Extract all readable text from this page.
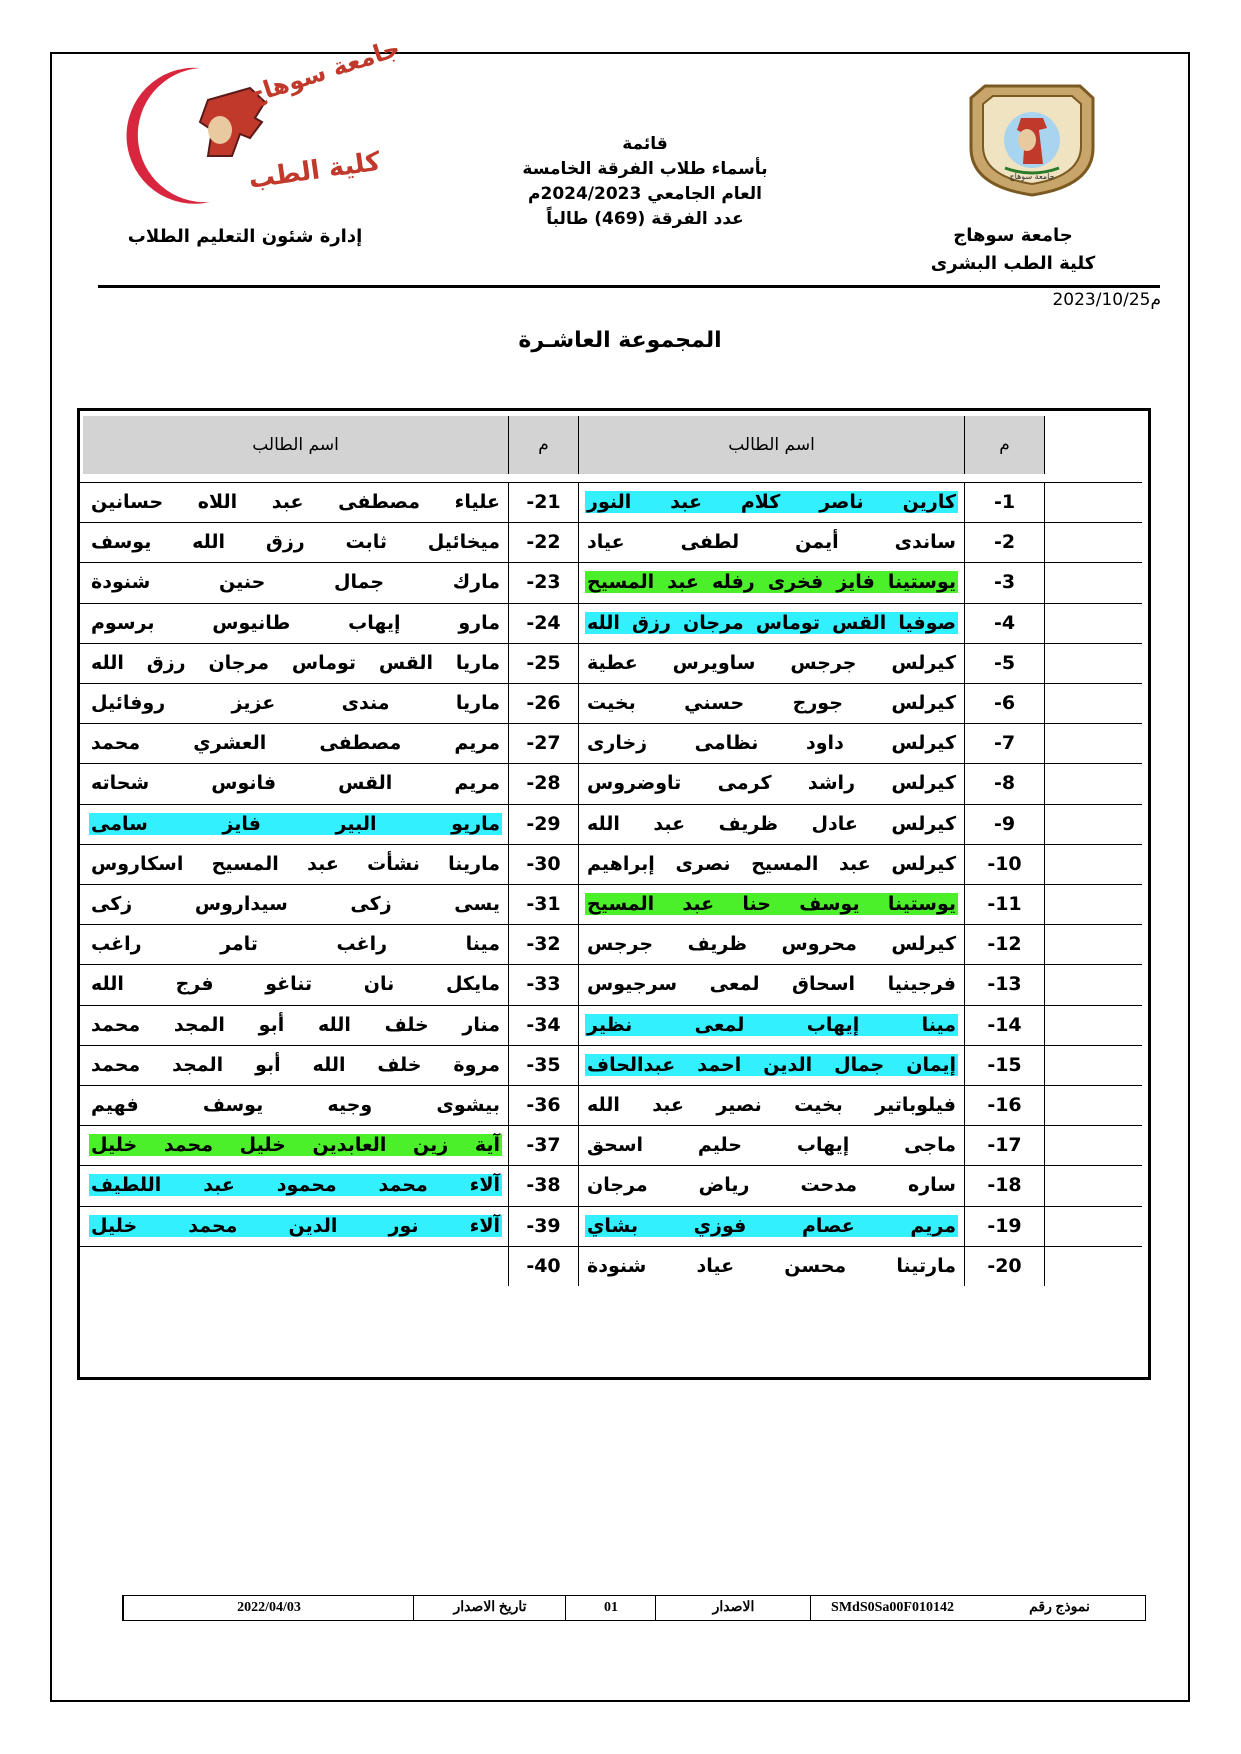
جامعة سوهاج
جامعة سوهاج
كلية الطب البشرى
جامعة سوهاج
كلية الطب
إدارة شئون التعليم الطلاب
قائمة
بأسماء طلاب الفرقة الخامسة
العام الجامعي 2024/2023م
عدد الفرقة (469) طالباً
2023/10/25م
المجموعة العاشـرة
اسم الطالب	م	اسم الطالب	م
علياء مصطفى عبد اللاه حسانين	-21	كارين ناصر كلام عبد النور	-1
ميخائيل ثابت رزق الله يوسف	-22	ساندى أيمن لطفى عياد	-2
مارك جمال حنين شنودة	-23	يوستينا فايز فخرى رفله عبد المسيح	-3
مارو إيهاب طانيوس برسوم	-24	صوفيا القس توماس مرجان رزق الله	-4
ماريا القس توماس مرجان رزق الله	-25	كيرلس جرجس ساويرس عطية	-5
ماريا مندى عزيز روفائيل	-26	كيرلس جورج حسني بخيت	-6
مريم مصطفى العشري محمد	-27	كيرلس داود نظامى زخارى	-7
مريم القس فانوس شحاته	-28	كيرلس راشد كرمى تاوضروس	-8
ماريو البير فايز سامى	-29	كيرلس عادل ظريف عبد الله	-9
مارينا نشأت عبد المسيح اسكاروس	-30	كيرلس عبد المسيح نصرى إبراهيم	-10
يسى زكى سيداروس زكى	-31	يوستينا يوسف حنا عبد المسيح	-11
مينا راغب تامر راغب	-32	كيرلس محروس ظريف جرجس	-12
مايكل نان تناغو فرج الله	-33	فرجينيا اسحاق لمعى سرجيوس	-13
منار خلف الله أبو المجد محمد	-34	مينا إيهاب لمعى نظير	-14
مروة خلف الله أبو المجد محمد	-35	إيمان جمال الدين احمد عبدالحاف	-15
بيشوى وجيه يوسف فهيم	-36	فيلوباتير بخيت نصير عبد الله	-16
آية زين العابدين خليل محمد خليل	-37	ماجى إيهاب حليم اسحق	-17
آلاء محمد محمود عبد اللطيف	-38	ساره مدحت رياض مرجان	-18
آلاء نور الدين محمد خليل	-39	مريم عصام فوزي بشاي	-19
-40	مارتينا محسن عياد شنودة	-20
نموذج رقم
SMdS0Sa00F010142
الاصدار
01
تاريخ الاصدار
2022/04/03
